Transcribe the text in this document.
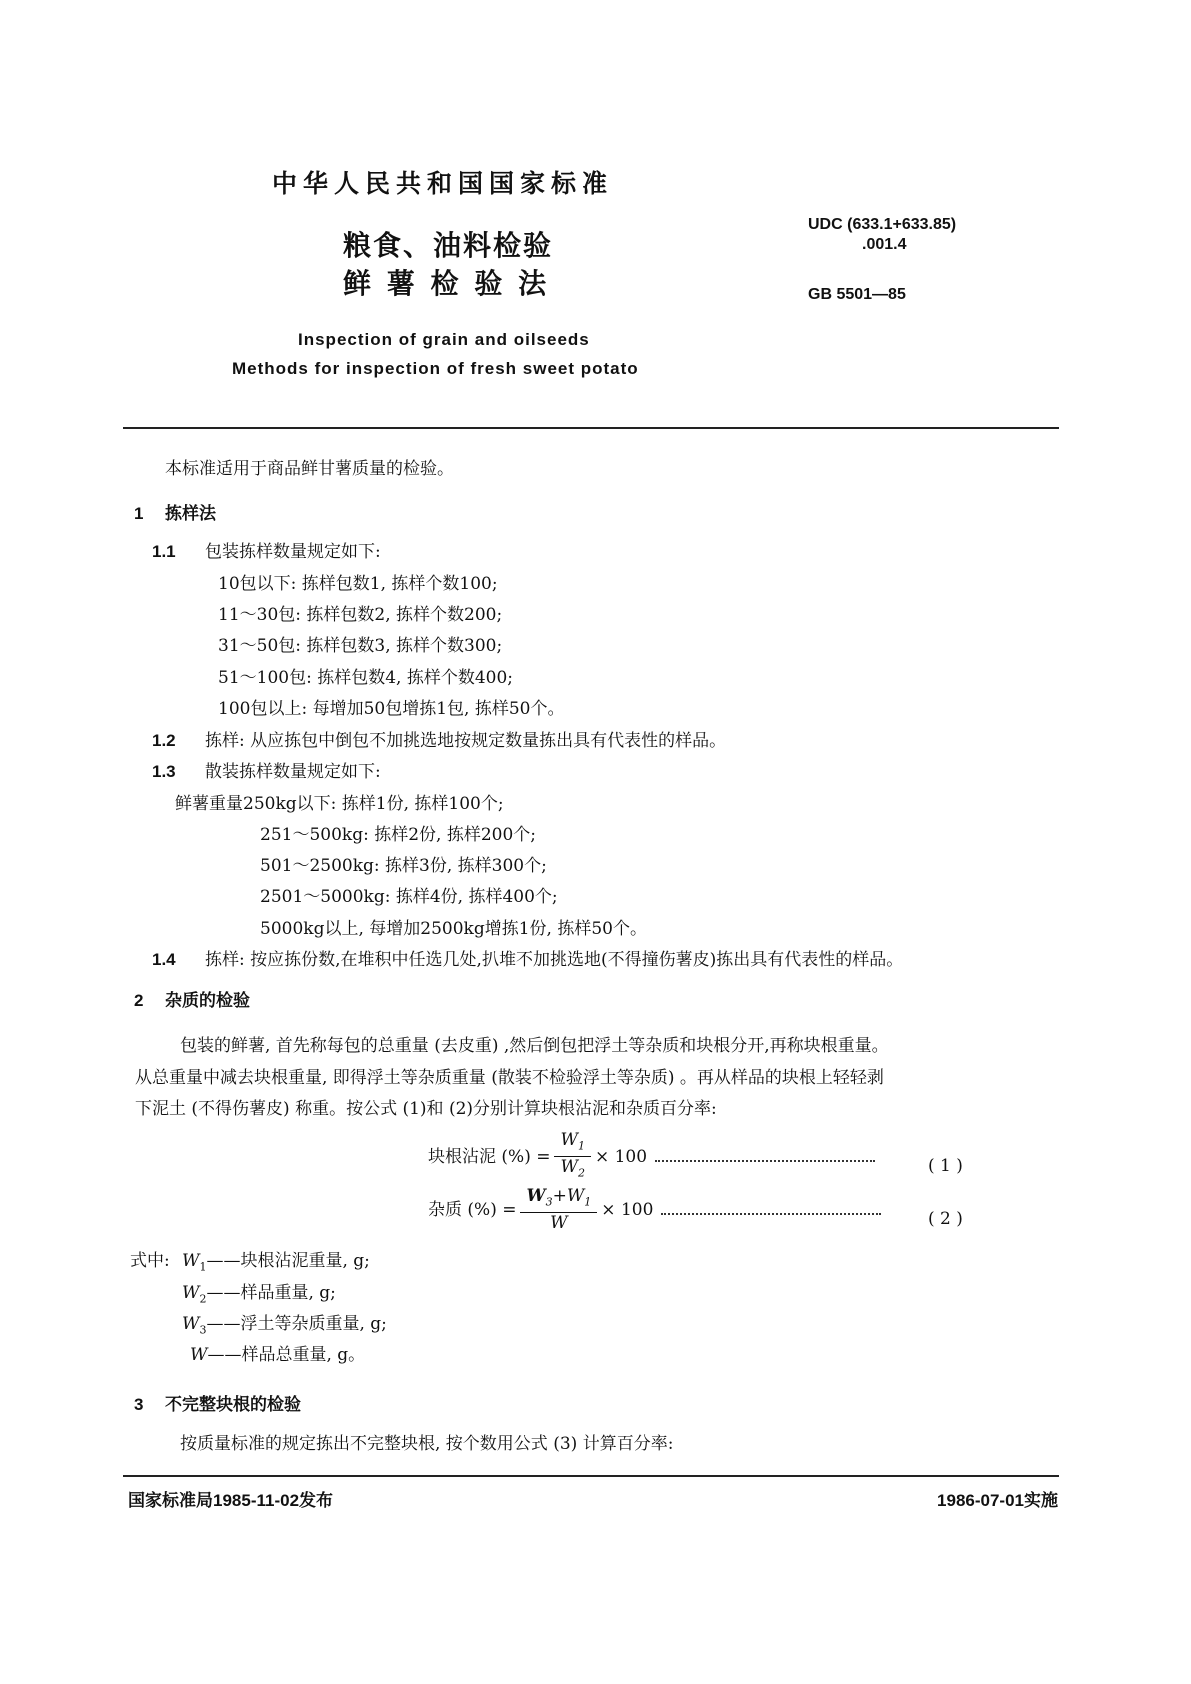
中华人民共和国国家标准
粮食、油料检验
鲜 薯 检 验 法
UDC (633.1+633.85)
.001.4
GB 5501—85
Inspection of grain and oilseeds
Methods for inspection of fresh sweet potato
本标准适用于商品鲜甘薯质量的检验。
1 拣样法
1.1 包装拣样数量规定如下:
10包以下: 拣样包数1, 拣样个数100;
11～30包: 拣样包数2, 拣样个数200;
31～50包: 拣样包数3, 拣样个数300;
51～100包: 拣样包数4, 拣样个数400;
100包以上: 每增加50包增拣1包, 拣样50个。
1.2 拣样: 从应拣包中倒包不加挑选地按规定数量拣出具有代表性的样品。
1.3 散装拣样数量规定如下:
鲜薯重量250kg以下: 拣样1份, 拣样100个;
251～500kg: 拣样2份, 拣样200个;
501～2500kg: 拣样3份, 拣样300个;
2501～5000kg: 拣样4份, 拣样400个;
5000kg以上, 每增加2500kg增拣1份, 拣样50个。
1.4 拣样: 按应拣份数,在堆积中任选几处,扒堆不加挑选地(不得撞伤薯皮)拣出具有代表性的样品。
2 杂质的检验
包装的鲜薯, 首先称每包的总重量 (去皮重) ,然后倒包把浮土等杂质和块根分开,再称块根重量。
从总重量中减去块根重量, 即得浮土等杂质重量 (散装不检验浮土等杂质) 。再从样品的块根上轻轻剥
下泥土 (不得伤薯皮) 称重。按公式 (1)和 (2)分别计算块根沾泥和杂质百分率:
块根沾泥 (%) = $\frac{W_1}{W_2} \times 100$	( 1 )
杂质 (%) = $\frac{W_3+W_1}{W} \times 100$	( 2 )
式中: $W_1——$块根沾泥重量, g;
$W_2——$样品重量, g;
$W_3——$浮土等杂质重量, g;
W——样品总重量, g。
3 不完整块根的检验
按质量标准的规定拣出不完整块根, 按个数用公式 (3) 计算百分率:
国家标准局1985-11-02发布	1986-07-01实施
